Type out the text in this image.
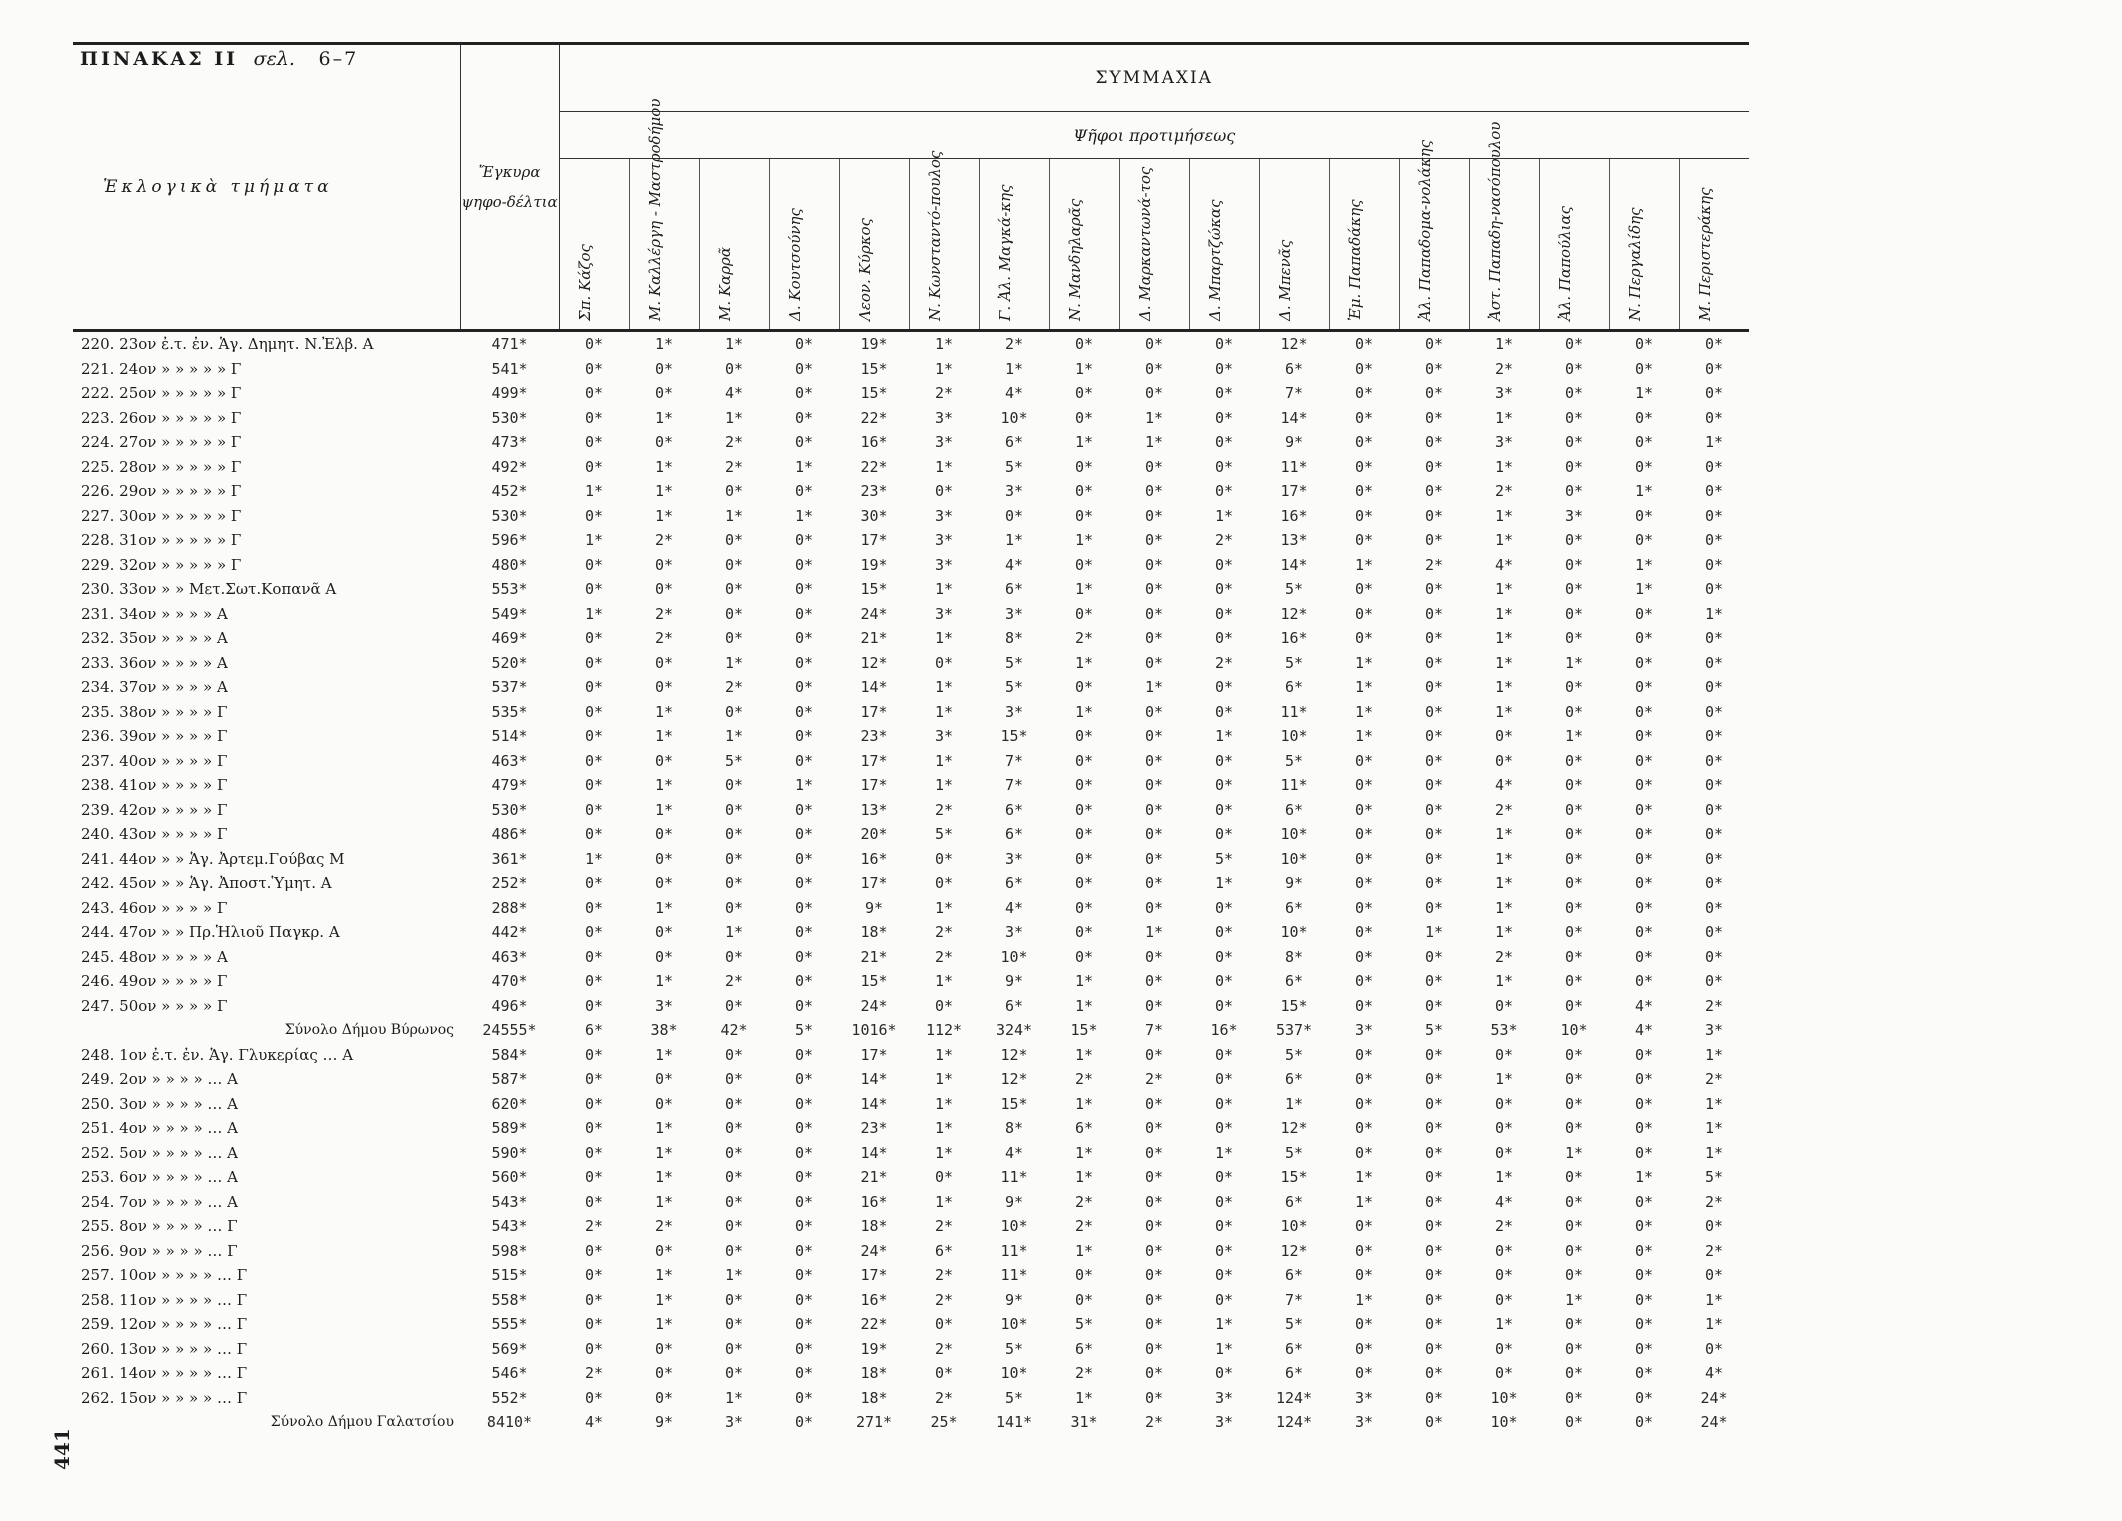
ΠΙΝΑΚΑΣ ΙΙ σελ. 6–7
441
Ἐκλογικὰ τμήματα	Ἔγκυρα ψηφο-δέλτια	ΣΥΜΜΑΧΙΑ																
		Ψῆφοι προτιμήσεως																

		Σπ. Κάζος	Μ. Καλλέργη - Μαστροδήμου	Μ. Καρρᾶ	Δ. Κουτσούνης	Λεον. Κύρκος	Ν. Κωνσταντό-πουλος	Γ. Ἀλ. Μαγκά-κης	Ν. Μανδηλαρᾶς	Δ. Μαρκαντωνά-τος	Δ. Μπαρτζώκας	Δ. Μπενᾶς	Ἐμ. Παπαδάκης	Ἀλ. Παπαδομα-νολάκης	Ἀστ. Παπαδη-νασόπουλου	Ἀλ. Παπούλιας	Ν. Περγαλίδης	Μ. Περιστεράκης

220. 23ον ἐ.τ. ἐν. Ἁγ. Δημητ. Ν.Ἐλβ. Α	471*	0*	1*	1*	0*	19*	1*	2*	0*	0*	0*	12*	0*	0*	1*	0*	0*	0*
221. 24ον » » » » » Γ	541*	0*	0*	0*	0*	15*	1*	1*	1*	0*	0*	6*	0*	0*	2*	0*	0*	0*
222. 25ον » » » » » Γ	499*	0*	0*	4*	0*	15*	2*	4*	0*	0*	0*	7*	0*	0*	3*	0*	1*	0*
223. 26ον » » » » » Γ	530*	0*	1*	1*	0*	22*	3*	10*	0*	1*	0*	14*	0*	0*	1*	0*	0*	0*
224. 27ον » » » » » Γ	473*	0*	0*	2*	0*	16*	3*	6*	1*	1*	0*	9*	0*	0*	3*	0*	0*	1*
225. 28ον » » » » » Γ	492*	0*	1*	2*	1*	22*	1*	5*	0*	0*	0*	11*	0*	0*	1*	0*	0*	0*
226. 29ον » » » » » Γ	452*	1*	1*	0*	0*	23*	0*	3*	0*	0*	0*	17*	0*	0*	2*	0*	1*	0*
227. 30ον » » » » » Γ	530*	0*	1*	1*	1*	30*	3*	0*	0*	0*	1*	16*	0*	0*	1*	3*	0*	0*
228. 31ον » » » » » Γ	596*	1*	2*	0*	0*	17*	3*	1*	1*	0*	2*	13*	0*	0*	1*	0*	0*	0*
229. 32ον » » » » » Γ	480*	0*	0*	0*	0*	19*	3*	4*	0*	0*	0*	14*	1*	2*	4*	0*	1*	0*
230. 33ον » » Μετ.Σωτ.Κοπανᾶ Α	553*	0*	0*	0*	0*	15*	1*	6*	1*	0*	0*	5*	0*	0*	1*	0*	1*	0*
231. 34ον » » » » Α	549*	1*	2*	0*	0*	24*	3*	3*	0*	0*	0*	12*	0*	0*	1*	0*	0*	1*
232. 35ον » » » » Α	469*	0*	2*	0*	0*	21*	1*	8*	2*	0*	0*	16*	0*	0*	1*	0*	0*	0*
233. 36ον » » » » Α	520*	0*	0*	1*	0*	12*	0*	5*	1*	0*	2*	5*	1*	0*	1*	1*	0*	0*
234. 37ον » » » » Α	537*	0*	0*	2*	0*	14*	1*	5*	0*	1*	0*	6*	1*	0*	1*	0*	0*	0*
235. 38ον » » » » Γ	535*	0*	1*	0*	0*	17*	1*	3*	1*	0*	0*	11*	1*	0*	1*	0*	0*	0*
236. 39ον » » » » Γ	514*	0*	1*	1*	0*	23*	3*	15*	0*	0*	1*	10*	1*	0*	0*	1*	0*	0*
237. 40ον » » » » Γ	463*	0*	0*	5*	0*	17*	1*	7*	0*	0*	0*	5*	0*	0*	0*	0*	0*	0*
238. 41ον » » » » Γ	479*	0*	1*	0*	1*	17*	1*	7*	0*	0*	0*	11*	0*	0*	4*	0*	0*	0*
239. 42ον » » » » Γ	530*	0*	1*	0*	0*	13*	2*	6*	0*	0*	0*	6*	0*	0*	2*	0*	0*	0*
240. 43ον » » » » Γ	486*	0*	0*	0*	0*	20*	5*	6*	0*	0*	0*	10*	0*	0*	1*	0*	0*	0*
241. 44ον » » Ἁγ. Ἀρτεμ.Γούβας Μ	361*	1*	0*	0*	0*	16*	0*	3*	0*	0*	5*	10*	0*	0*	1*	0*	0*	0*
242. 45ον » » Ἁγ. Ἀποστ.Ὑμητ. Α	252*	0*	0*	0*	0*	17*	0*	6*	0*	0*	1*	9*	0*	0*	1*	0*	0*	0*
243. 46ον » » » » Γ	288*	0*	1*	0*	0*	9*	1*	4*	0*	0*	0*	6*	0*	0*	1*	0*	0*	0*
244. 47ον » » Πρ.Ἡλιοῦ Παγκρ. Α	442*	0*	0*	1*	0*	18*	2*	3*	0*	1*	0*	10*	0*	1*	1*	0*	0*	0*
245. 48ον » » » » Α	463*	0*	0*	0*	0*	21*	2*	10*	0*	0*	0*	8*	0*	0*	2*	0*	0*	0*
246. 49ον » » » » Γ	470*	0*	1*	2*	0*	15*	1*	9*	1*	0*	0*	6*	0*	0*	1*	0*	0*	0*
247. 50ον » » » » Γ	496*	0*	3*	0*	0*	24*	0*	6*	1*	0*	0*	15*	0*	0*	0*	0*	4*	2*
Σύνολο Δήμου Βύρωνος	24555*	6*	38*	42*	5*	1016*	112*	324*	15*	7*	16*	537*	3*	5*	53*	10*	4*	3*
248. 1ον ἐ.τ. ἐν. Ἁγ. Γλυκερίας … Α	584*	0*	1*	0*	0*	17*	1*	12*	1*	0*	0*	5*	0*	0*	0*	0*	0*	1*
249. 2ον » » » » … Α	587*	0*	0*	0*	0*	14*	1*	12*	2*	2*	0*	6*	0*	0*	1*	0*	0*	2*
250. 3ον » » » » … Α	620*	0*	0*	0*	0*	14*	1*	15*	1*	0*	0*	1*	0*	0*	0*	0*	0*	1*
251. 4ον » » » » … Α	589*	0*	1*	0*	0*	23*	1*	8*	6*	0*	0*	12*	0*	0*	0*	0*	0*	1*
252. 5ον » » » » … Α	590*	0*	1*	0*	0*	14*	1*	4*	1*	0*	1*	5*	0*	0*	0*	1*	0*	1*
253. 6ον » » » » … Α	560*	0*	1*	0*	0*	21*	0*	11*	1*	0*	0*	15*	1*	0*	1*	0*	1*	5*
254. 7ον » » » » … Α	543*	0*	1*	0*	0*	16*	1*	9*	2*	0*	0*	6*	1*	0*	4*	0*	0*	2*
255. 8ον » » » » … Γ	543*	2*	2*	0*	0*	18*	2*	10*	2*	0*	0*	10*	0*	0*	2*	0*	0*	0*
256. 9ον » » » » … Γ	598*	0*	0*	0*	0*	24*	6*	11*	1*	0*	0*	12*	0*	0*	0*	0*	0*	2*
257. 10ον » » » » … Γ	515*	0*	1*	1*	0*	17*	2*	11*	0*	0*	0*	6*	0*	0*	0*	0*	0*	0*
258. 11ον » » » » … Γ	558*	0*	1*	0*	0*	16*	2*	9*	0*	0*	0*	7*	1*	0*	0*	1*	0*	1*
259. 12ον » » » » … Γ	555*	0*	1*	0*	0*	22*	0*	10*	5*	0*	1*	5*	0*	0*	1*	0*	0*	1*
260. 13ον » » » » … Γ	569*	0*	0*	0*	0*	19*	2*	5*	6*	0*	1*	6*	0*	0*	0*	0*	0*	0*
261. 14ον » » » » … Γ	546*	2*	0*	0*	0*	18*	0*	10*	2*	0*	0*	6*	0*	0*	0*	0*	0*	4*
262. 15ον » » » » … Γ	552*	0*	0*	1*	0*	18*	2*	5*	1*	0*	3*	124*	3*	0*	10*	0*	0*	24*
Σύνολο Δήμου Γαλατσίου	8410*	4*	9*	3*	0*	271*	25*	141*	31*	2*	3*	124*	3*	0*	10*	0*	0*	24*
